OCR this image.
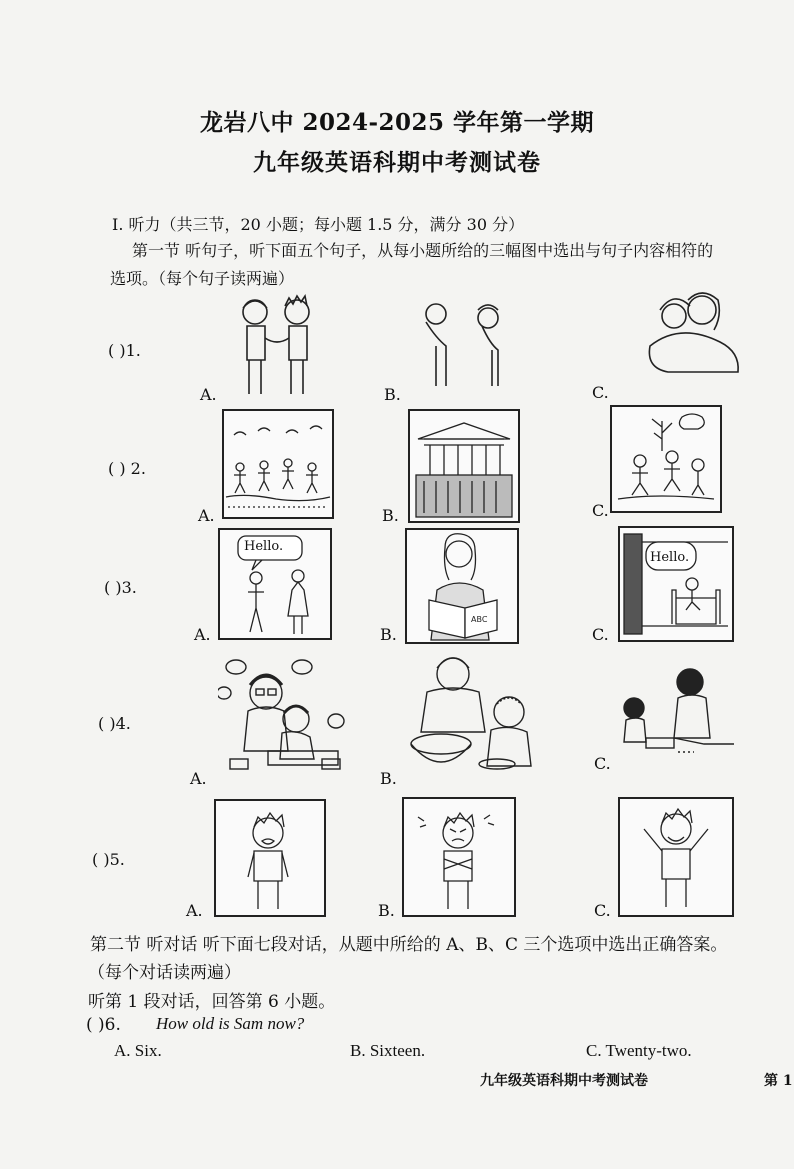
龙岩八中 2024-2025 学年第一学期
九年级英语科期中考测试卷
I. 听力（共三节，20 小题；每小题 1.5 分，满分 30 分）
第一节 听句子，听下面五个句子，从每小题所给的三幅图中选出与句子内容相符的
选项。（每个句子读两遍）
( )1.
A.	B.	C.
( ) 2.
A.	B.	C.
( )3.
Hello.
A.
ABC
B.
Hello.
C.
( )4.
A.	B.
C.
( )5.
A.	B.	C.
第二节 听对话 听下面七段对话，从题中所给的 A、B、C 三个选项中选出正确答案。
（每个对话读两遍）
听第 1 段对话，回答第 6 小题。
( )6. How old is Sam now?
A. Six.	B. Sixteen.	C. Twenty-two.
九年级英语科期中考测试卷	第 1
